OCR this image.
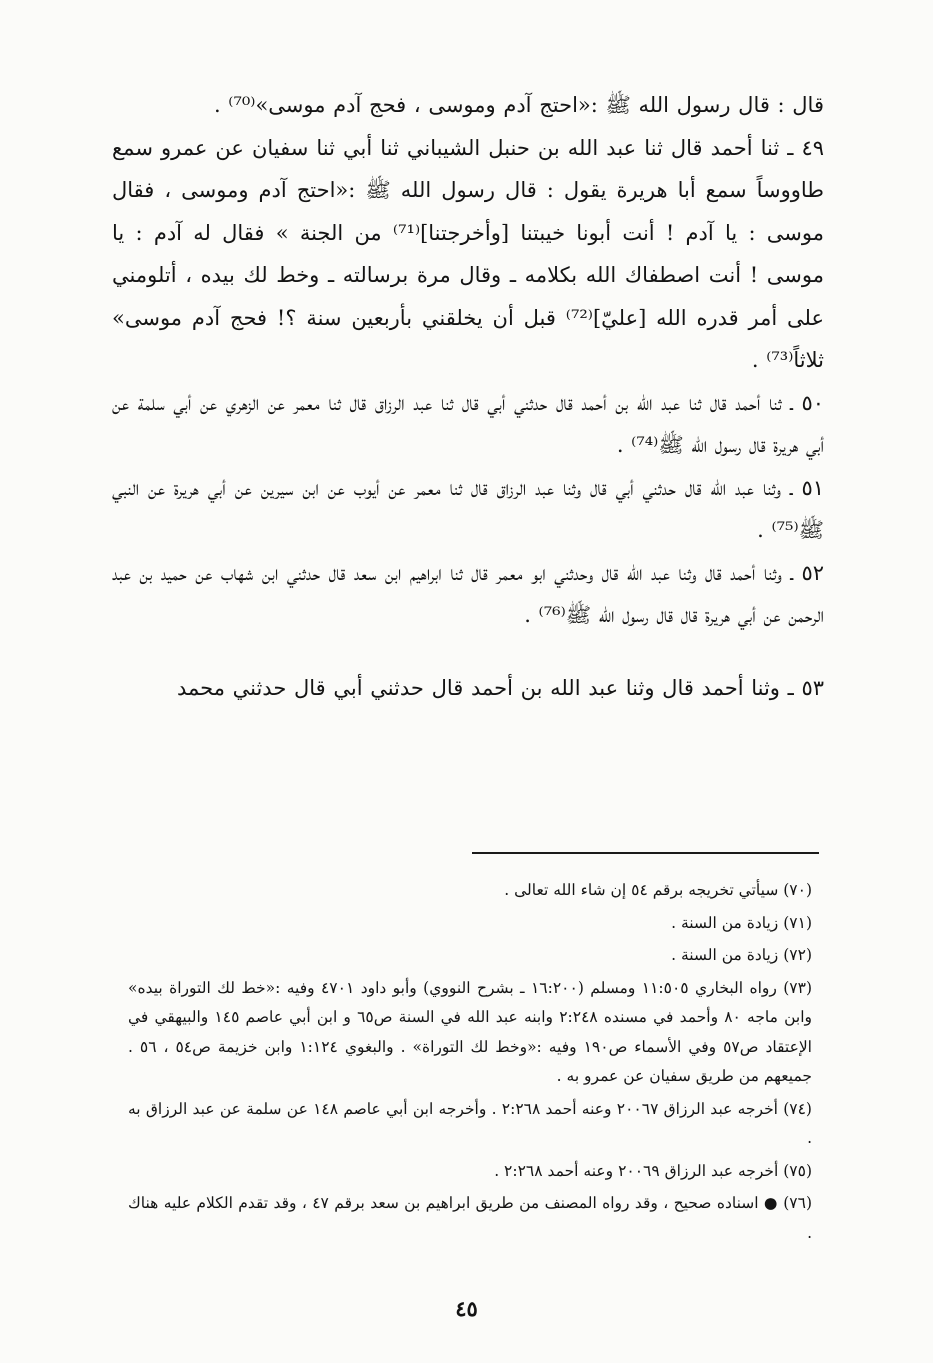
قال : قال رسول الله ﷺ :«احتج آدم وموسى ، فحج آدم موسى»⁽⁷⁰⁾ .

٤٩ ـ ثنا أحمد قال ثنا عبد الله بن حنبل الشيباني ثنا أبي ثنا سفيان عن عمرو سمع طاووساً سمع أبا هريرة يقول : قال رسول الله ﷺ :«احتج آدم وموسى ، فقال موسى : يا آدم ! أنت أبونا خيبتنا [وأخرجتنا]⁽⁷¹⁾ من الجنة » فقال له آدم : يا موسى ! أنت اصطفاك الله بكلامه ـ وقال مرة برسالته ـ وخط لك بيده ، أتلومني على أمر قدره الله [عليّ]⁽⁷²⁾ قبل أن يخلقني بأربعين سنة ؟! فحج آدم موسى» ثلاثاً⁽⁷³⁾ .

٥٠ ـ ثنا أحمد قال ثنا عبد الله بن أحمد قال حدثني أبي قال ثنا عبد الرزاق قال ثنا معمر عن الزهري عن أبي سلمة عن أبي هريرة قال رسول الله ﷺ⁽⁷⁴⁾ .

٥١ ـ وثنا عبد الله قال حدثني أبي قال وثنا عبد الرزاق قال ثنا معمر عن أيوب عن ابن سيرين عن أبي هريرة عن النبي ﷺ⁽⁷⁵⁾ .

٥٢ ـ وثنا أحمد قال وثنا عبد الله قال وحدثني ابو معمر قال ثنا ابراهيم ابن سعد قال حدثني ابن شهاب عن حميد بن عبد الرحمن عن أبي هريرة قال قال رسول الله ﷺ⁽⁷⁶⁾ .

٥٣ ـ وثنا أحمد قال وثنا عبد الله بن أحمد قال حدثني أبي قال حدثني محمد

(٧٠) سيأتي تخريجه برقم ٥٤ إن شاء الله تعالى .

(٧١) زيادة من السنة .

(٧٢) زيادة من السنة .

(٧٣) رواه البخاري ١١:٥٠٥ ومسلم (١٦:٢٠٠ ـ بشرح النووي) وأبو داود ٤٧٠١ وفيه :«خط لك التوراة بيده» وابن ماجه ٨٠ وأحمد في مسنده ٢:٢٤٨ وابنه عبد الله في السنة ص٦٥ و ابن أبي عاصم ١٤٥ والبيهقي في الإعتقاد ص٥٧ وفي الأسماء ص١٩٠ وفيه :«وخط لك التوراة» . والبغوي ١:١٢٤ وابن خزيمة ص٥٤ ، ٥٦ . جميعهم من طريق سفيان عن عمرو به .

(٧٤) أخرجه عبد الرزاق ٢٠٠٦٧ وعنه أحمد ٢:٢٦٨ . وأخرجه ابن أبي عاصم ١٤٨ عن سلمة عن عبد الرزاق به .

(٧٥) أخرجه عبد الرزاق ٢٠٠٦٩ وعنه أحمد ٢:٢٦٨ .

(٧٦) ● اسناده صحيح ، وقد رواه المصنف من طريق ابراهيم بن سعد برقم ٤٧ ، وقد تقدم الكلام عليه هناك .

٤٥
